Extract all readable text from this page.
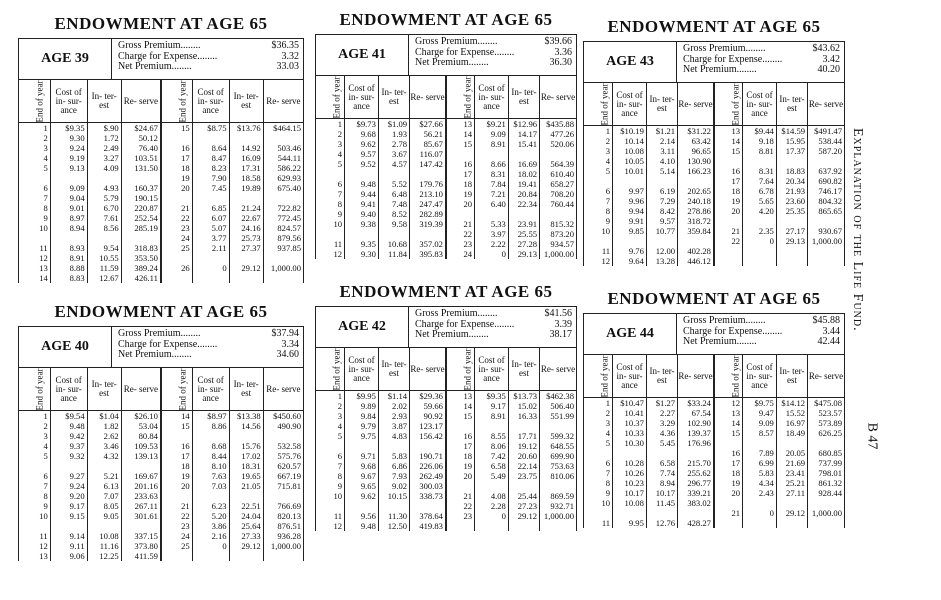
ENDOWMENT AT AGE 65
AGE 39
Gross Premium........	$36.35
Charge for Expense........	3.32
Net Premium........	33.03
End of year	Cost of in- sur- ance	In- ter- est	Re- serve	End of year	Cost of in- sur- ance	In- ter- est	Re- serve
1	$9.35	$.90	$24.67	15	$8.75	$13.76	$464.15
2	9.30	1.72	50.12				
3	9.24	2.49	76.40	16	8.64	14.92	503.46
4	9.19	3.27	103.51	17	8.47	16.09	544.11
5	9.13	4.09	131.50	18	8.23	17.31	586.22
				19	7.90	18.58	629.93
6	9.09	4.93	160.37	20	7.45	19.89	675.40
7	9.04	5.79	190.15				
8	9.01	6.70	220.87	21	6.85	21.24	722.82
9	8.97	7.61	252.54	22	6.07	22.67	772.45
10	8.94	8.56	285.19	23	5.07	24.16	824.57
				24	3.77	25.73	879.56
11	8.93	9.54	318.83	25	2.11	27.37	937.85
12	8.91	10.55	353.50				
13	8.88	11.59	389.24	26	0	29.12	1,000.00
14	8.83	12.67	426.11				
ENDOWMENT AT AGE 65
AGE 40
Gross Premium........	$37.94
Charge for Expense........	3.34
Net Premium........	34.60
End of year	Cost of in- sur- ance	In- ter- est	Re- serve	End of year	Cost of in- sur- ance	In- ter- est	Re- serve
1	$9.54	$1.04	$26.10	14	$8.97	$13.38	$450.60
2	9.48	1.82	53.04	15	8.86	14.56	490.90
3	9.42	2.62	80.84				
4	9.37	3.46	109.53	16	8.68	15.76	532.58
5	9.32	4.32	139.13	17	8.44	17.02	575.76
				18	8.10	18.31	620.57
6	9.27	5.21	169.67	19	7.63	19.65	667.19
7	9.24	6.13	201.16	20	7.03	21.05	715.81
8	9.20	7.07	233.63				
9	9.17	8.05	267.11	21	6.23	22.51	766.69
10	9.15	9.05	301.61	22	5.20	24.04	820.13
				23	3.86	25.64	876.51
11	9.14	10.08	337.15	24	2.16	27.33	936.28
12	9.11	11.16	373.80	25	0	29.12	1,000.00
13	9.06	12.25	411.59				
ENDOWMENT AT AGE 65
AGE 41
Gross Premium........	$39.66
Charge for Expense........	3.36
Net Premium........	36.30
End of year	Cost of in- sur- ance	In- ter- est	Re- serve	End of year	Cost of in- sur- ance	In- ter- est	Re- serve
1	$9.73	$1.09	$27.66	13	$9.21	$12.96	$435.88
2	9.68	1.93	56.21	14	9.09	14.17	477.26
3	9.62	2.78	85.67	15	8.91	15.41	520.06
4	9.57	3.67	116.07				
5	9.52	4.57	147.42	16	8.66	16.69	564.39
				17	8.31	18.02	610.40
6	9.48	5.52	179.76	18	7.84	19.41	658.27
7	9.44	6.48	213.10	19	7.21	20.84	708.20
8	9.41	7.48	247.47	20	6.40	22.34	760.44
9	9.40	8.52	282.89				
10	9.38	9.58	319.39	21	5.33	23.91	815.32
				22	3.97	25.55	873.20
11	9.35	10.68	357.02	23	2.22	27.28	934.57
12	9.30	11.84	395.83	24	0	29.13	1,000.00
ENDOWMENT AT AGE 65
AGE 42
Gross Premium........	$41.56
Charge for Expense........	3.39
Net Premium........	38.17
End of year	Cost of in- sur- ance	In- ter- est	Re- serve	End of year	Cost of in- sur- ance	In- ter- est	Re- serve
1	$9.95	$1.14	$29.36	13	$9.35	$13.73	$462.38
2	9.89	2.02	59.66	14	9.17	15.02	506.40
3	9.84	2.93	90.92	15	8.91	16.33	551.99
4	9.79	3.87	123.17				
5	9.75	4.83	156.42	16	8.55	17.71	599.32
				17	8.06	19.12	648.55
6	9.71	5.83	190.71	18	7.42	20.60	699.90
7	9.68	6.86	226.06	19	6.58	22.14	753.63
8	9.67	7.93	262.49	20	5.49	23.75	810.06
9	9.65	9.02	300.03				
10	9.62	10.15	338.73	21	4.08	25.44	869.59
				22	2.28	27.23	932.71
11	9.56	11.30	378.64	23	0	29.12	1,000.00
12	9.48	12.50	419.83				
ENDOWMENT AT AGE 65
AGE 43
Gross Premium........	$43.62
Charge for Expense........	3.42
Net Premium........	40.20
End of year	Cost of in- sur- ance	In- ter- est	Re- serve	End of year	Cost of in- sur- ance	In- ter- est	Re- serve
1	$10.19	$1.21	$31.22	13	$9.44	$14.59	$491.47
2	10.14	2.14	63.42	14	9.18	15.95	538.44
3	10.08	3.11	96.65	15	8.81	17.37	587.20
4	10.05	4.10	130.90				
5	10.01	5.14	166.23	16	8.31	18.83	637.92
				17	7.64	20.34	690.82
6	9.97	6.19	202.65	18	6.78	21.93	746.17
7	9.96	7.29	240.18	19	5.65	23.60	804.32
8	9.94	8.42	278.86	20	4.20	25.35	865.65
9	9.91	9.57	318.72				
10	9.85	10.77	359.84	21	2.35	27.17	930.67
				22	0	29.13	1,000.00
11	9.76	12.00	402.28				
12	9.64	13.28	446.12				
ENDOWMENT AT AGE 65
AGE 44
Gross Premium........	$45.88
Charge for Expense........	3.44
Net Premium........	42.44
End of year	Cost of in- sur- ance	In- ter- est	Re- serve	End of year	Cost of in- sur- ance	In- ter- est	Re- serve
1	$10.47	$1.27	$33.24	12	$9.75	$14.12	$475.08
2	10.41	2.27	67.54	13	9.47	15.52	523.57
3	10.37	3.29	102.90	14	9.09	16.97	573.89
4	10.33	4.36	139.37	15	8.57	18.49	626.25
5	10.30	5.45	176.96				
				16	7.89	20.05	680.85
6	10.28	6.58	215.70	17	6.99	21.69	737.99
7	10.26	7.74	255.62	18	5.83	23.41	798.01
8	10.23	8.94	296.77	19	4.34	25.21	861.32
9	10.17	10.17	339.21	20	2.43	27.11	928.44
10	10.08	11.45	383.02				
				21	0	29.12	1,000.00
11	9.95	12.76	428.27				
Explanation of the Life Fund.
B 47
